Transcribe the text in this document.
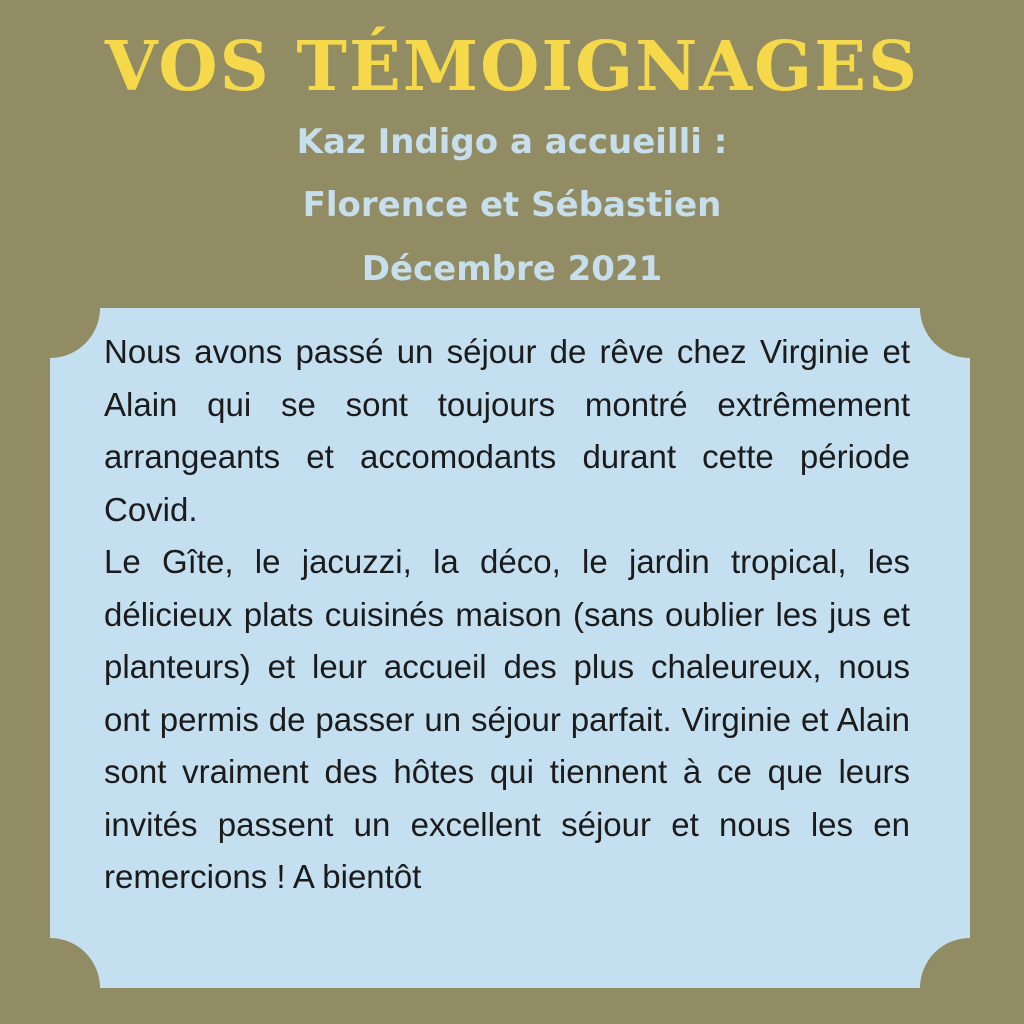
VOS TÉMOIGNAGES
Kaz Indigo a accueilli :
Florence et Sébastien
Décembre 2021

Nous avons passé un séjour de rêve chez Virginie et Alain qui se sont toujours montré extrêmement arrangeants et accomodants durant cette période Covid.

Le Gîte, le jacuzzi, la déco, le jardin tropical, les délicieux plats cuisinés maison (sans oublier les jus et planteurs) et leur accueil des plus chaleureux, nous ont permis de passer un séjour parfait. Virginie et Alain sont vraiment des hôtes qui tiennent à ce que leurs invités passent un excellent séjour et nous les en remercions ! A bientôt
